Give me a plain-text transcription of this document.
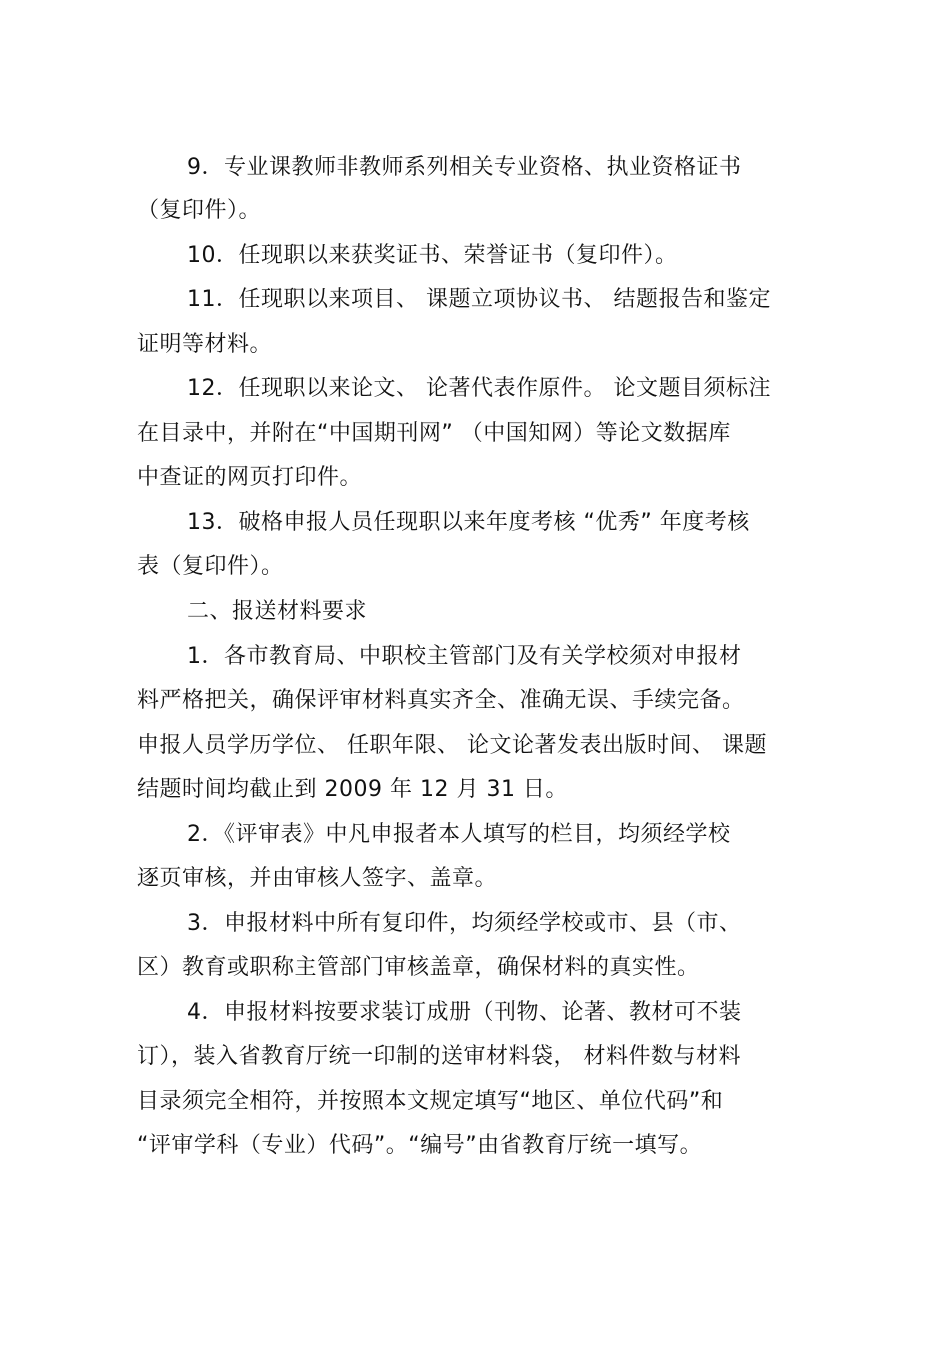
9．专业课教师非教师系列相关专业资格、执业资格证书
（复印件）。
10．任现职以来获奖证书、荣誉证书（复印件）。
11．任现职以来项目、 课题立项协议书、 结题报告和鉴定
证明等材料。
12．任现职以来论文、 论著代表作原件。 论文题目须标注
在目录中，并附在“中国期刊网” （中国知网）等论文数据库
中查证的网页打印件。
13．破格申报人员任现职以来年度考核 “优秀” 年度考核
表（复印件）。
二、报送材料要求
1．各市教育局、中职校主管部门及有关学校须对申报材
料严格把关，确保评审材料真实齐全、准确无误、手续完备。
申报人员学历学位、 任职年限、 论文论著发表出版时间、 课题
结题时间均截止到 2009 年 12 月 31 日。
2．《评审表》中凡申报者本人填写的栏目，均须经学校
逐页审核，并由审核人签字、盖章。
3．申报材料中所有复印件，均须经学校或市、县（市、
区）教育或职称主管部门审核盖章，确保材料的真实性。
4．申报材料按要求装订成册（刊物、论著、教材可不装
订），装入省教育厅统一印制的送审材料袋， 材料件数与材料
目录须完全相符，并按照本文规定填写“地区、单位代码”和
“评审学科（专业）代码”。“编号”由省教育厅统一填写。
